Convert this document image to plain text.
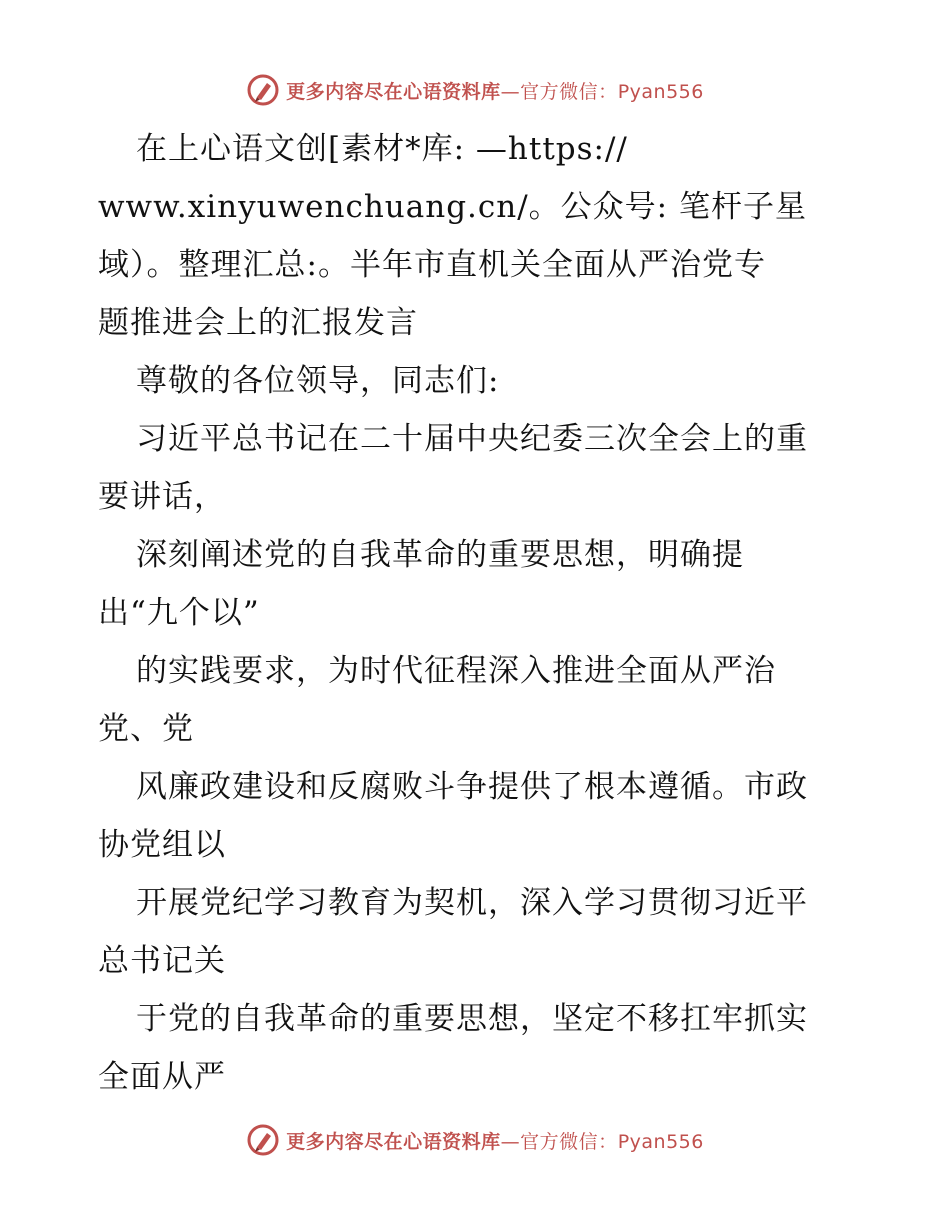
更多内容尽在心语资料库—官方微信：Pyan556
在上心语文创[素材*库: —https://
www.xinyuwenchuang.cn/。公众号: 笔杆子星
域）。整理汇总:。半年市直机关全面从严治党专
题推进会上的汇报发言
尊敬的各位领导，同志们:
习近平总书记在二十届中央纪委三次全会上的重
要讲话，
深刻阐述党的自我革命的重要思想，明确提
出“九个以”
的实践要求，为时代征程深入推进全面从严治
党、党
风廉政建设和反腐败斗争提供了根本遵循。市政
协党组以
开展党纪学习教育为契机，深入学习贯彻习近平
总书记关
于党的自我革命的重要思想，坚定不移扛牢抓实
全面从严
更多内容尽在心语资料库—官方微信：Pyan556
